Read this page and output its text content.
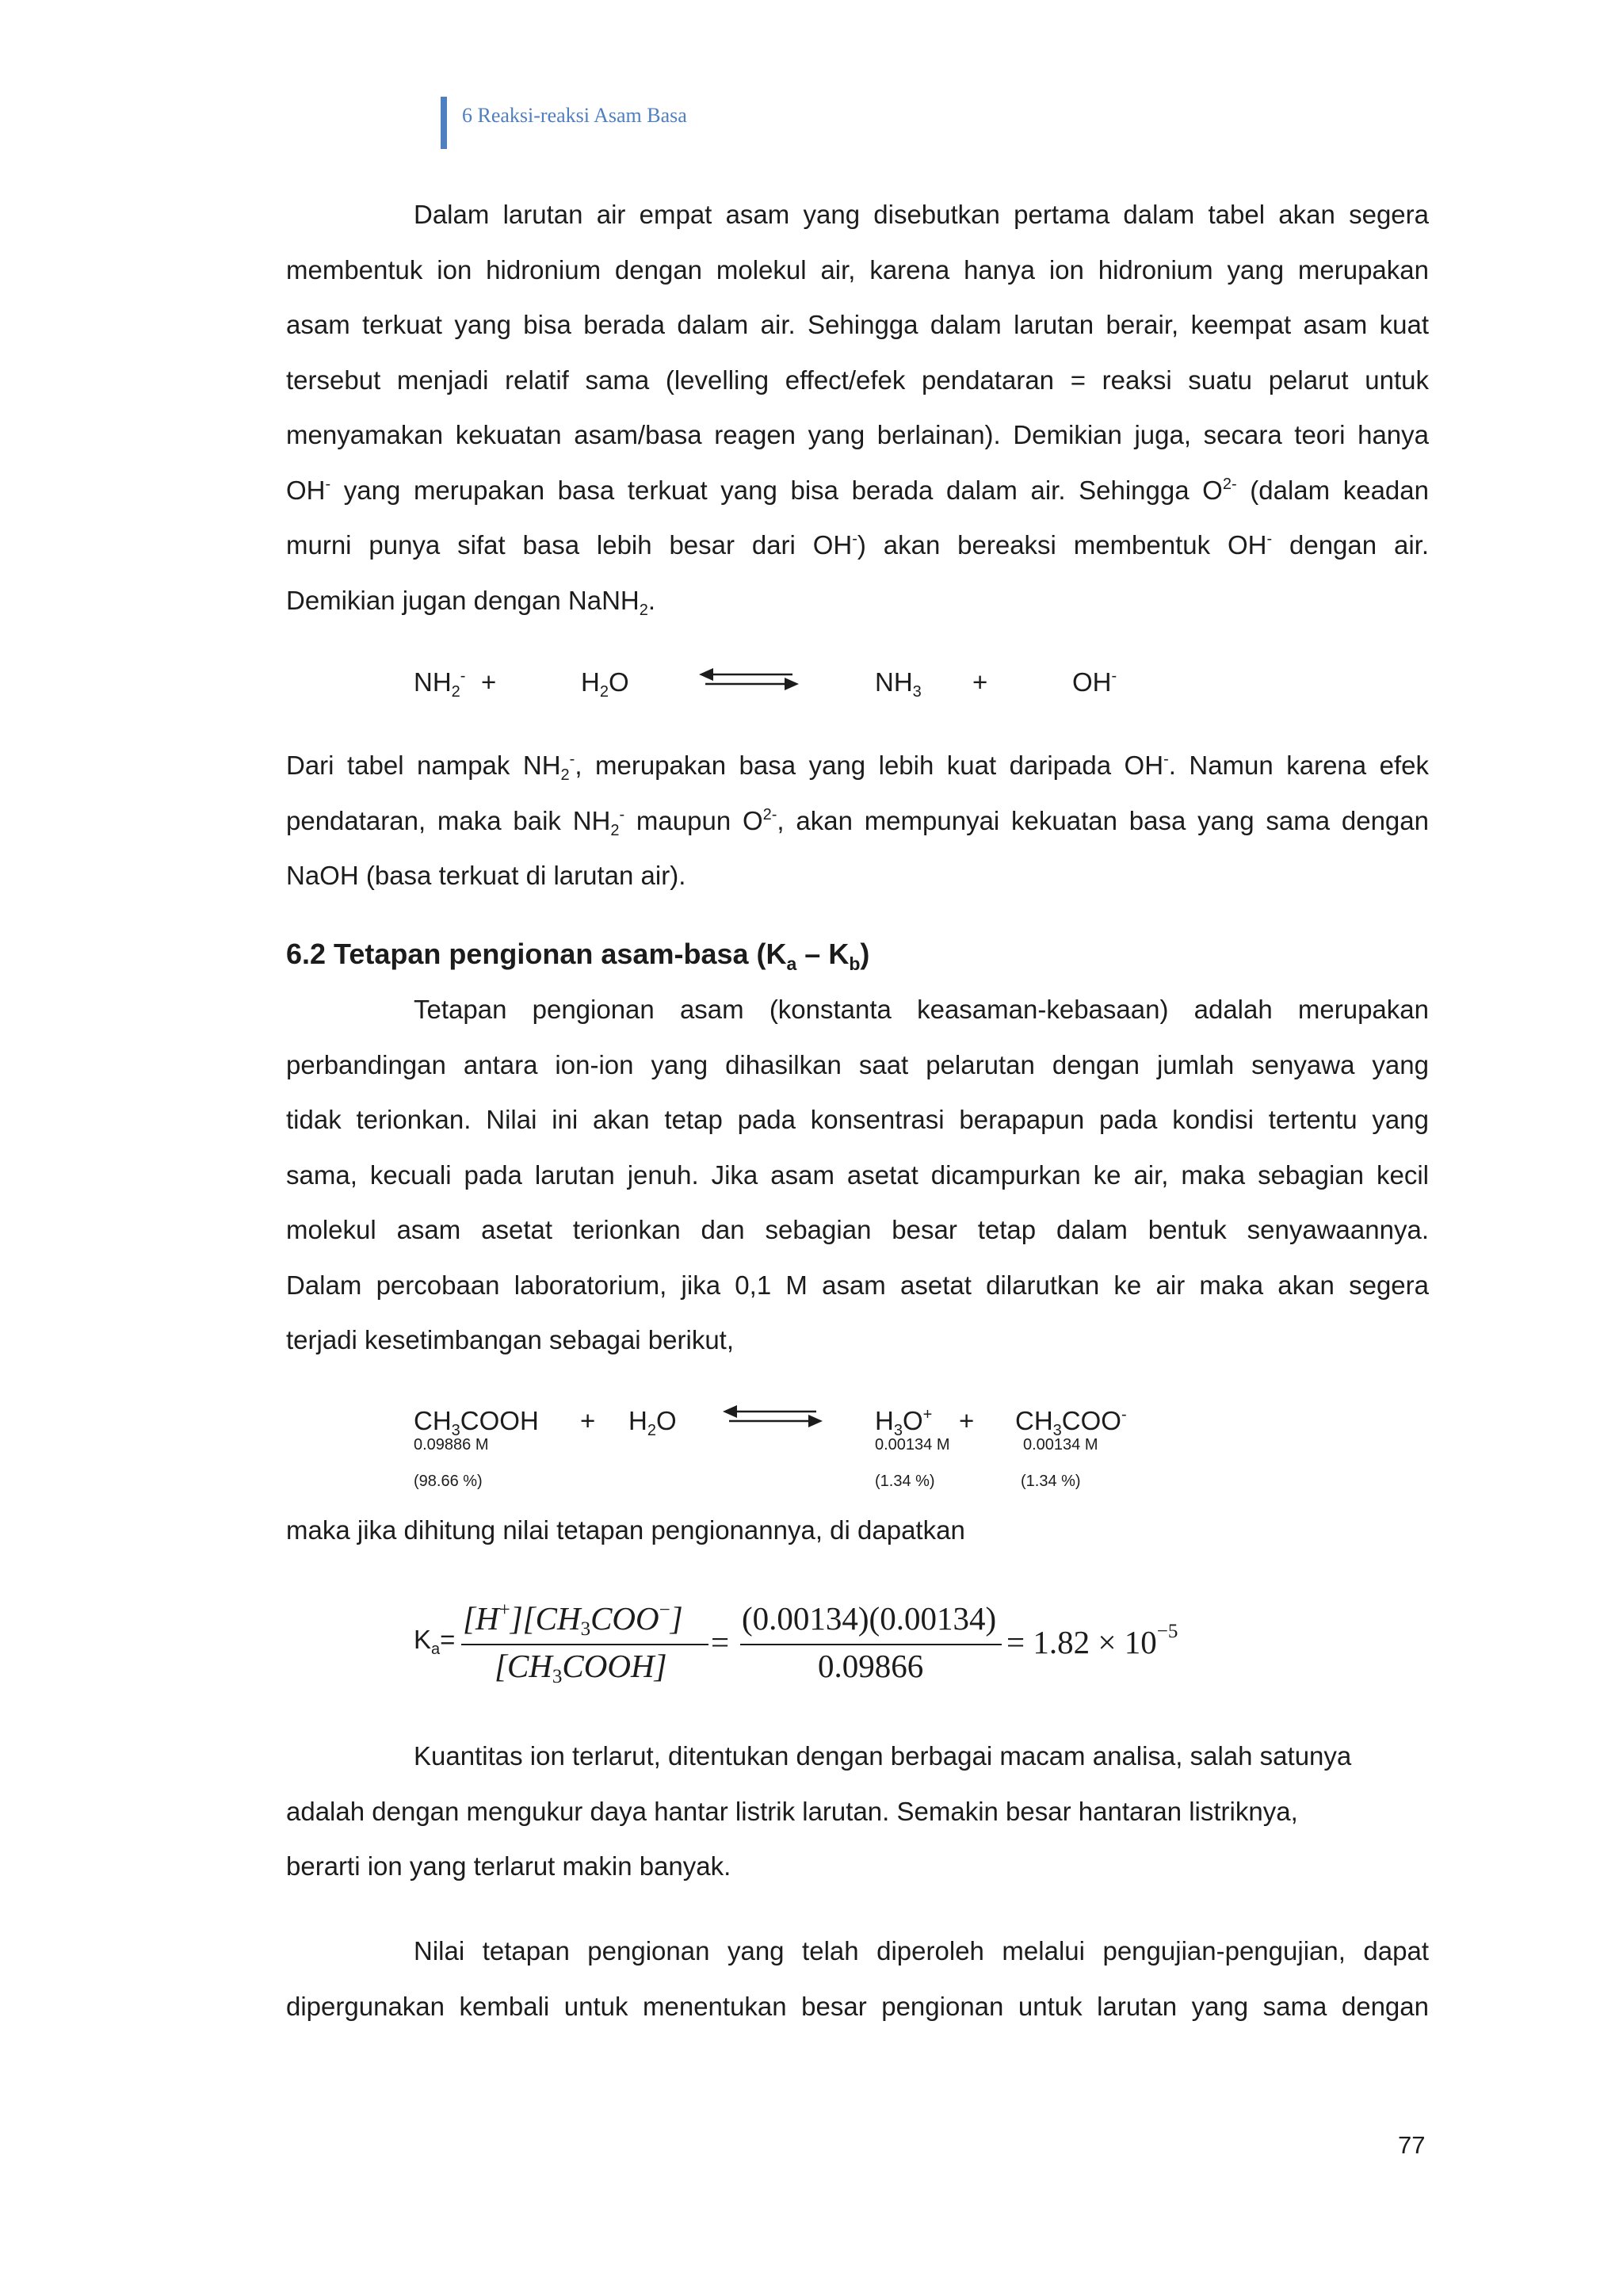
6 Reaksi-reaksi Asam Basa
Dalam larutan air empat asam yang disebutkan pertama dalam tabel akan segera
membentuk ion hidronium dengan molekul air, karena hanya ion hidronium yang merupakan
asam terkuat yang bisa berada dalam air. Sehingga dalam larutan berair, keempat asam kuat
tersebut menjadi relatif sama (levelling effect/efek pendataran = reaksi suatu pelarut untuk
menyamakan kekuatan asam/basa reagen yang berlainan). Demikian juga, secara teori hanya
OH- yang merupakan basa terkuat yang bisa berada dalam air. Sehingga $O^{2-}$ (dalam keadan
murni punya sifat basa lebih besar dari OH-) akan bereaksi membentuk OH- dengan air.
Demikian jugan dengan NaNH$_2$.
$NH_2^-$ +	$H_2O$	$NH_3$ +	OH-
Dari tabel nampak $NH_2^-$, merupakan basa yang lebih kuat daripada OH-. Namun karena efek
pendataran, maka baik $NH_2^-$ maupun $O^{2-}$, akan mempunyai kekuatan basa yang sama dengan
NaOH (basa terkuat di larutan air).
6.2 Tetapan pengionan asam-basa $(K_a - K_b)$
Tetapan pengionan asam (konstanta keasaman-kebasaan) adalah merupakan
perbandingan antara ion-ion yang dihasilkan saat pelarutan dengan jumlah senyawa yang
tidak terionkan. Nilai ini akan tetap pada konsentrasi berapapun pada kondisi tertentu yang
sama, kecuali pada larutan jenuh. Jika asam asetat dicampurkan ke air, maka sebagian kecil
molekul asam asetat terionkan dan sebagian besar tetap dalam bentuk senyawaannya.
Dalam percobaan laboratorium, jika 0,1 M asam asetat dilarutkan ke air maka akan segera
terjadi kesetimbangan sebagai berikut,
$CH_3COOH + H_2O$	$H_3O^+ + CH_3COO^-$
0.09886 M	0.00134 M	0.00134 M
(98.66 %)	(1.34 %)	(1.34 %)
maka jika dihitung nilai tetapan pengionannya, di dapatkan
$K_a=$
$[H^+][CH_3COO^-]$
$[CH_3COOH]$
=
(0.00134)(0.00134)
0.09866
= $1.82 \times 10^{-5}$
Kuantitas ion terlarut, ditentukan dengan berbagai macam analisa, salah satunya
adalah dengan mengukur daya hantar listrik larutan. Semakin besar hantaran listriknya,
berarti ion yang terlarut makin banyak.
Nilai tetapan pengionan yang telah diperoleh melalui pengujian-pengujian, dapat
dipergunakan kembali untuk menentukan besar pengionan untuk larutan yang sama dengan
77
